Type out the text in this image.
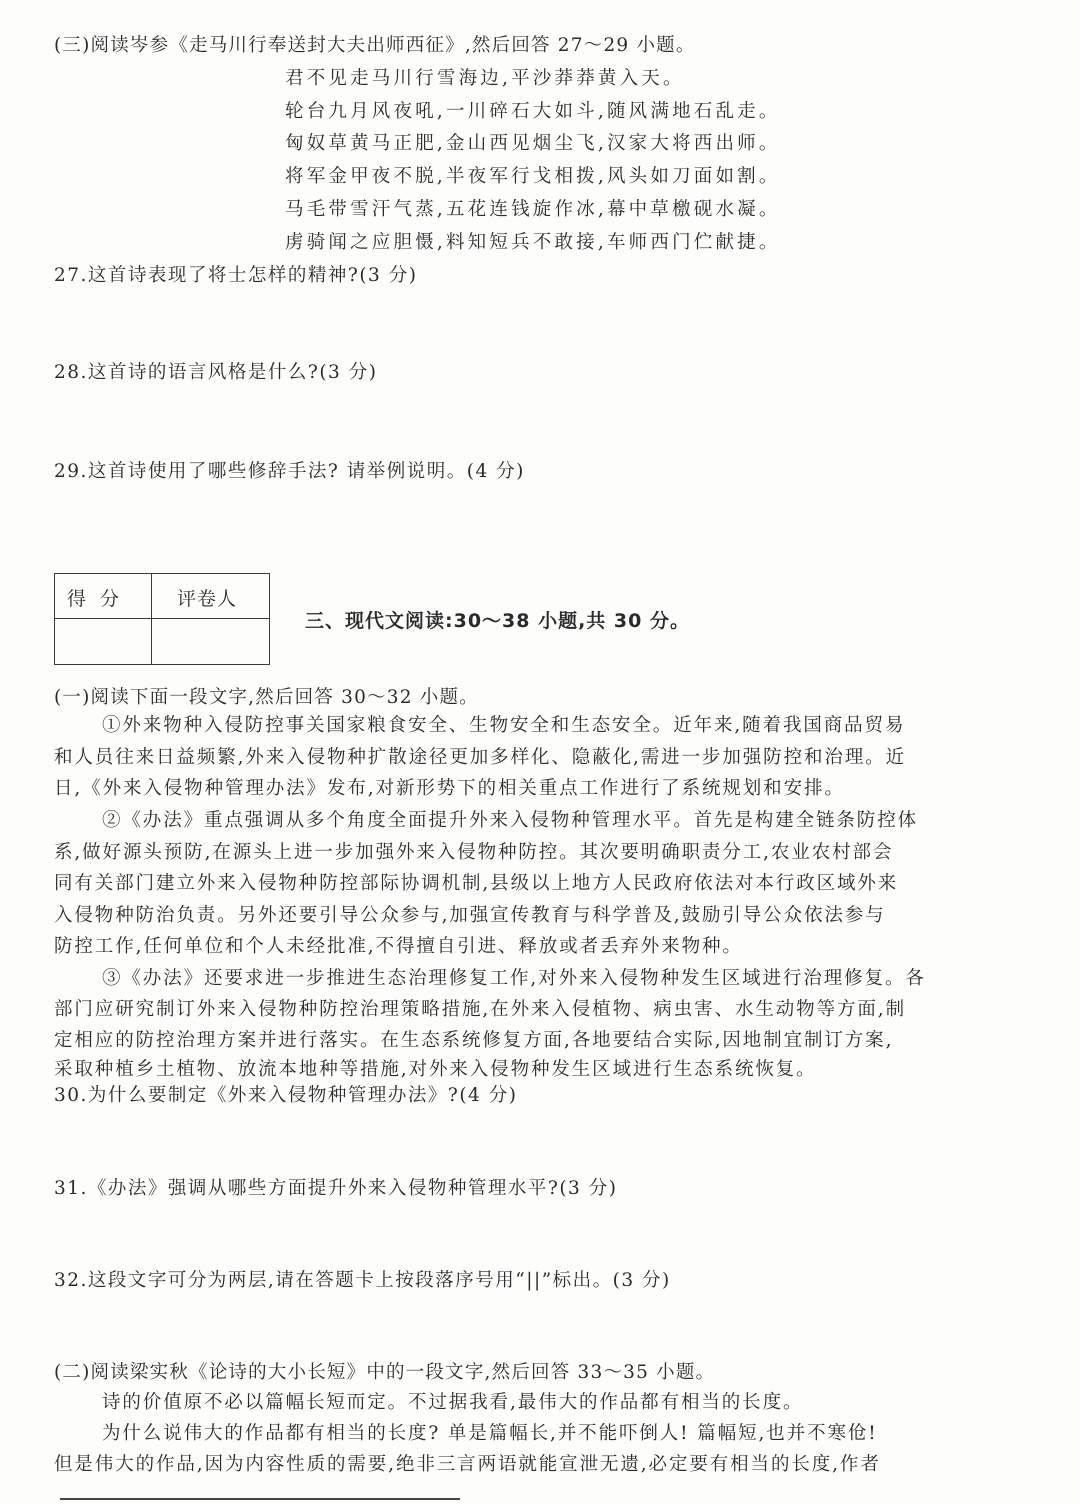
(三)阅读岑参《走马川行奉送封大夫出师西征》,然后回答 27～29 小题。
君不见走马川行雪海边,平沙莽莽黄入天。
轮台九月风夜吼,一川碎石大如斗,随风满地石乱走。
匈奴草黄马正肥,金山西见烟尘飞,汉家大将西出师。
将军金甲夜不脱,半夜军行戈相拨,风头如刀面如割。
马毛带雪汗气蒸,五花连钱旋作冰,幕中草檄砚水凝。
虏骑闻之应胆慑,料知短兵不敢接,车师西门伫献捷。
27.这首诗表现了将士怎样的精神?(3 分)
28.这首诗的语言风格是什么?(3 分)
29.这首诗使用了哪些修辞手法? 请举例说明。(4 分)
得分 评卷人
三、现代文阅读:30～38 小题,共 30 分。
(一)阅读下面一段文字,然后回答 30～32 小题。
①外来物种入侵防控事关国家粮食安全、生物安全和生态安全。近年来,随着我国商品贸易
和人员往来日益频繁,外来入侵物种扩散途径更加多样化、隐蔽化,需进一步加强防控和治理。近
日,《外来入侵物种管理办法》发布,对新形势下的相关重点工作进行了系统规划和安排。
②《办法》重点强调从多个角度全面提升外来入侵物种管理水平。首先是构建全链条防控体
系,做好源头预防,在源头上进一步加强外来入侵物种防控。其次要明确职责分工,农业农村部会
同有关部门建立外来入侵物种防控部际协调机制,县级以上地方人民政府依法对本行政区域外来
入侵物种防治负责。另外还要引导公众参与,加强宣传教育与科学普及,鼓励引导公众依法参与
防控工作,任何单位和个人未经批准,不得擅自引进、释放或者丢弃外来物种。
③《办法》还要求进一步推进生态治理修复工作,对外来入侵物种发生区域进行治理修复。各
部门应研究制订外来入侵物种防控治理策略措施,在外来入侵植物、病虫害、水生动物等方面,制
定相应的防控治理方案并进行落实。在生态系统修复方面,各地要结合实际,因地制宜制订方案,
采取种植乡土植物、放流本地种等措施,对外来入侵物种发生区域进行生态系统恢复。
30.为什么要制定《外来入侵物种管理办法》?(4 分)
31.《办法》强调从哪些方面提升外来入侵物种管理水平?(3 分)
32.这段文字可分为两层,请在答题卡上按段落序号用“||”标出。(3 分)
(二)阅读梁实秋《论诗的大小长短》中的一段文字,然后回答 33～35 小题。
诗的价值原不必以篇幅长短而定。不过据我看,最伟大的作品都有相当的长度。
为什么说伟大的作品都有相当的长度? 单是篇幅长,并不能吓倒人! 篇幅短,也并不寒伧!
但是伟大的作品,因为内容性质的需要,绝非三言两语就能宣泄无遗,必定要有相当的长度,作者
